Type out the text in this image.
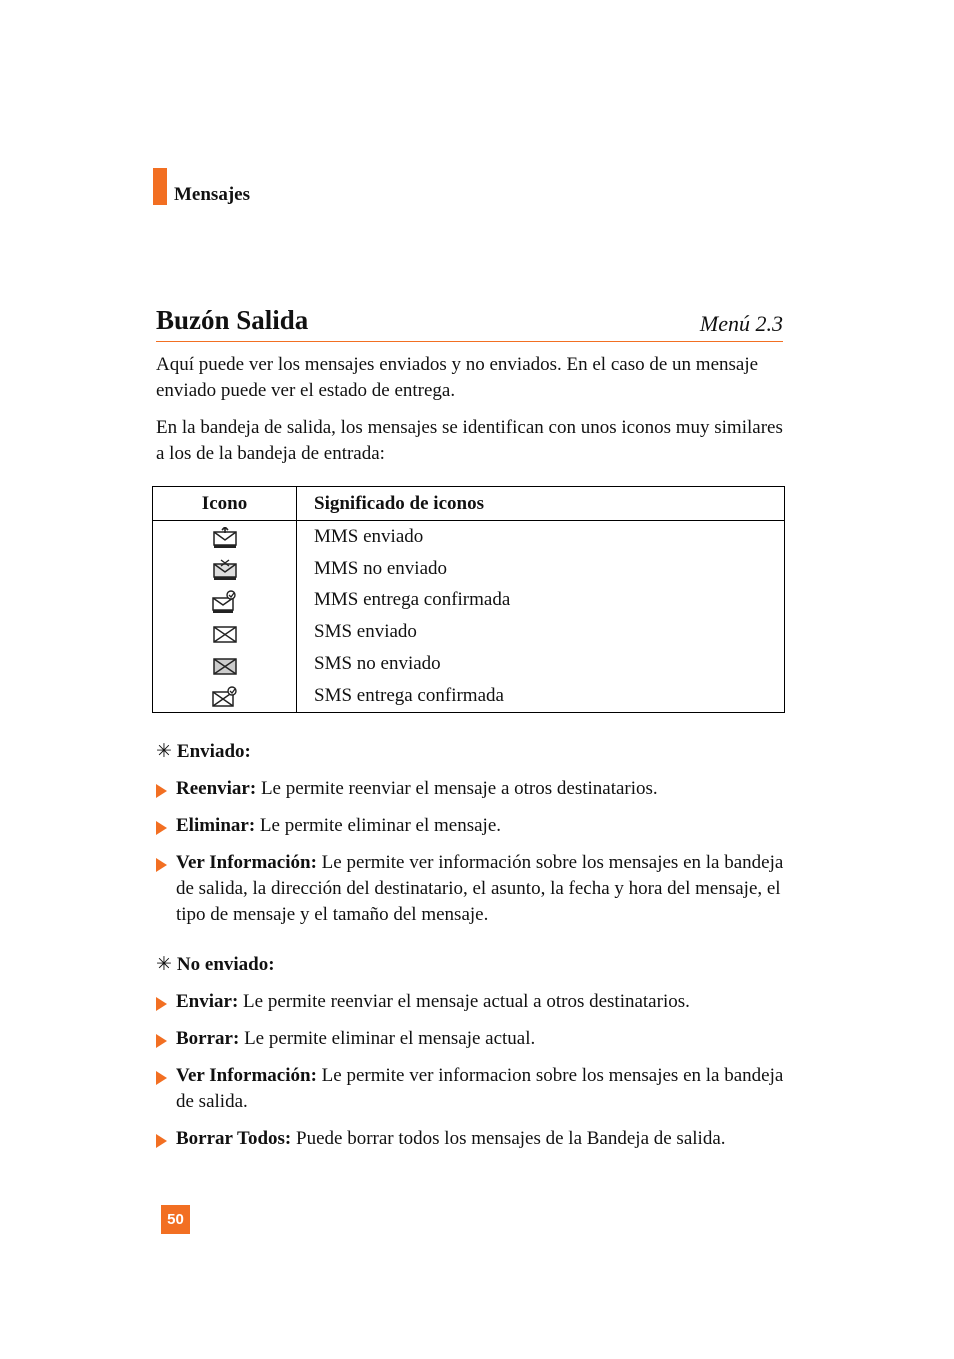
Mensajes
Buzón Salida	Menú 2.3

Aquí puede ver los mensajes enviados y no enviados. En el caso de un mensaje enviado puede ver el estado de entrega.

En la bandeja de salida, los mensajes se identifican con unos iconos muy similares a los de la bandeja de entrada:

Icono	Significado de iconos

	MMS enviado

	MMS no enviado

	MMS entrega confirmada

	SMS enviado

	SMS no enviado

	SMS entrega confirmada
✳ Enviado:
Reenviar: Le permite reenviar el mensaje a otros destinatarios.
Eliminar: Le permite eliminar el mensaje.
Ver Información: Le permite ver información sobre los mensajes en la bandeja de salida, la dirección del destinatario, el asunto, la fecha y hora del mensaje, el tipo de mensaje y el tamaño del mensaje.
✳ No enviado:
Enviar: Le permite reenviar el mensaje actual a otros destinatarios.
Borrar: Le permite eliminar el mensaje actual.
Ver Información: Le permite ver informacion sobre los mensajes en la bandeja de salida.
Borrar Todos: Puede borrar todos los mensajes de la Bandeja de salida.
50
